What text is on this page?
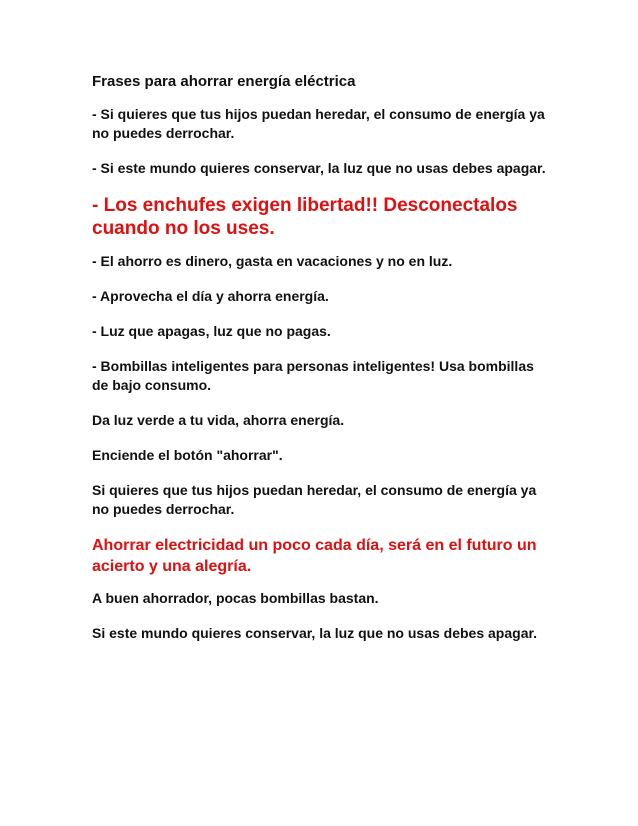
Frases para ahorrar energía eléctrica
- Si quieres que tus hijos puedan heredar, el consumo de energía ya no puedes derrochar.
- Si este mundo quieres conservar, la luz que no usas debes apagar.
- Los enchufes exigen libertad!! Desconectalos cuando no los uses.
- El ahorro es dinero, gasta en vacaciones y no en luz.
- Aprovecha el día y ahorra energía.
- Luz que apagas, luz que no pagas.
- Bombillas inteligentes para personas inteligentes! Usa bombillas de bajo consumo.
Da luz verde a tu vida, ahorra energía.
Enciende el botón "ahorrar".
Si quieres que tus hijos puedan heredar, el consumo de energía ya no puedes derrochar.
Ahorrar electricidad un poco cada día, será en el futuro un acierto y una alegría.
A buen ahorrador, pocas bombillas bastan.
Si este mundo quieres conservar, la luz que no usas debes apagar.
